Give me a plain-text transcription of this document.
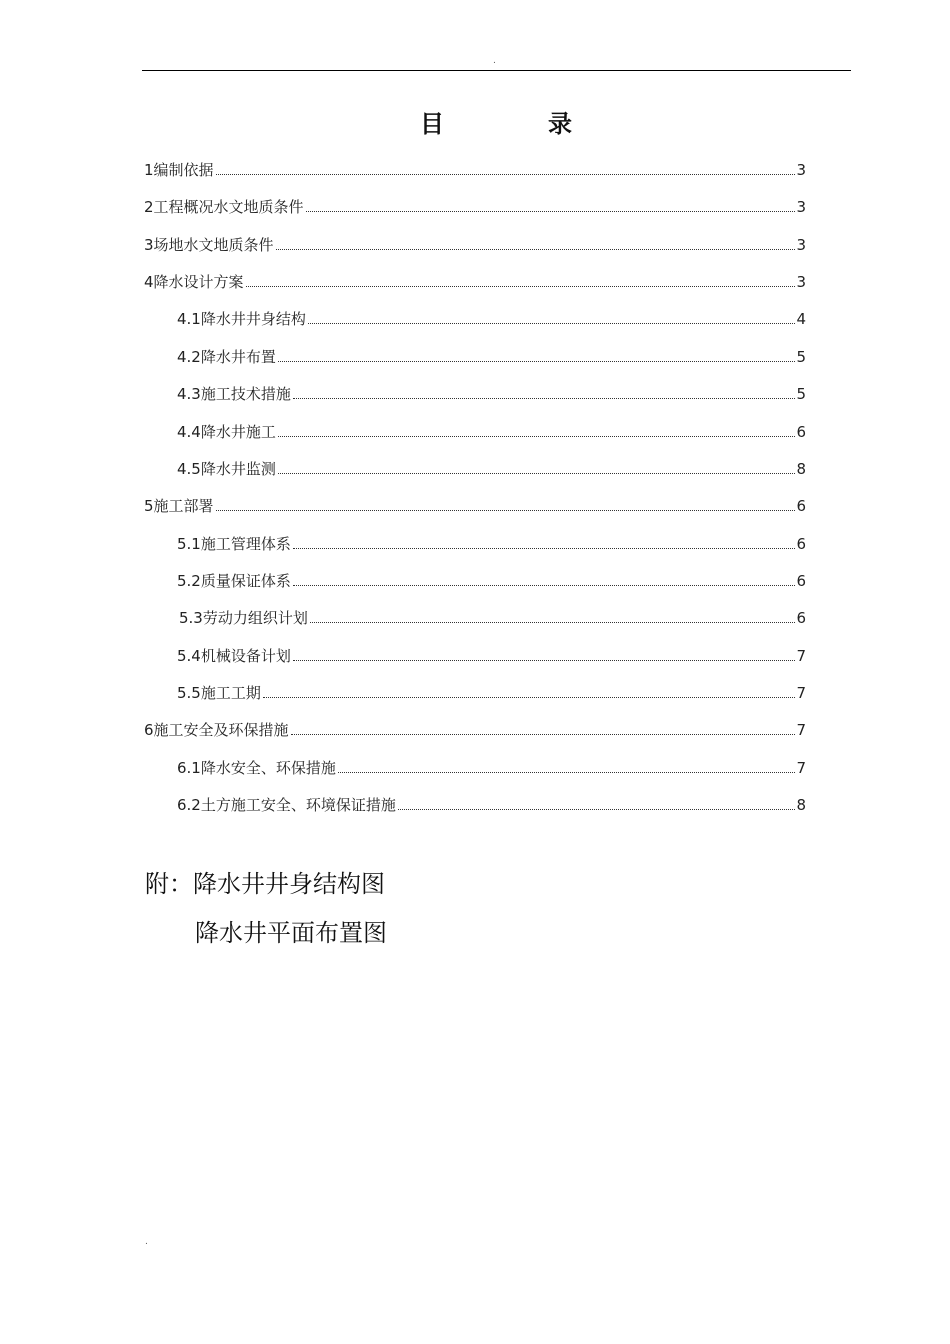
.
目	录
1编制依据	3
2工程概况水文地质条件	3
3场地水文地质条件	3
4降水设计方案	3
4.1降水井井身结构	4
4.2降水井布置	5
4.3施工技术措施	5
4.4降水井施工	6
4.5降水井监测	8
5施工部署	6
5.1施工管理体系	6
5.2质量保证体系	6
5.3劳动力组织计划	6
5.4机械设备计划	7
5.5施工工期	7
6施工安全及环保措施	7
6.1降水安全、环保措施	7
6.2土方施工安全、环境保证措施	8
附：降水井井身结构图
降水井平面布置图
.
